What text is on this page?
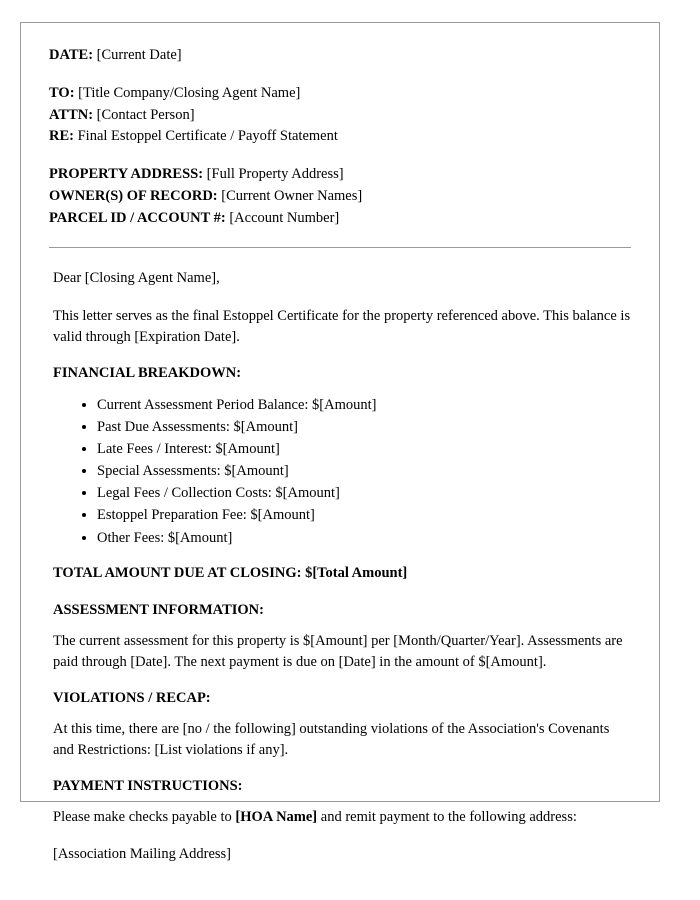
DATE: [Current Date]
TO: [Title Company/Closing Agent Name]
ATTN: [Contact Person]
RE: Final Estoppel Certificate / Payoff Statement
PROPERTY ADDRESS: [Full Property Address]
OWNER(S) OF RECORD: [Current Owner Names]
PARCEL ID / ACCOUNT #: [Account Number]

Dear [Closing Agent Name],

This letter serves as the final Estoppel Certificate for the property referenced above. This balance is valid through [Expiration Date].

FINANCIAL BREAKDOWN:

• Current Assessment Period Balance: $[Amount]
• Past Due Assessments: $[Amount]
• Late Fees / Interest: $[Amount]
• Special Assessments: $[Amount]
• Legal Fees / Collection Costs: $[Amount]
• Estoppel Preparation Fee: $[Amount]
• Other Fees: $[Amount]

TOTAL AMOUNT DUE AT CLOSING: $[Total Amount]

ASSESSMENT INFORMATION:

The current assessment for this property is $[Amount] per [Month/Quarter/Year]. Assessments are paid through [Date]. The next payment is due on [Date] in the amount of $[Amount].

VIOLATIONS / RECAP:

At this time, there are [no / the following] outstanding violations of the Association's Covenants and Restrictions: [List violations if any].

PAYMENT INSTRUCTIONS:

Please make checks payable to [HOA Name] and remit payment to the following address:

[Association Mailing Address]
